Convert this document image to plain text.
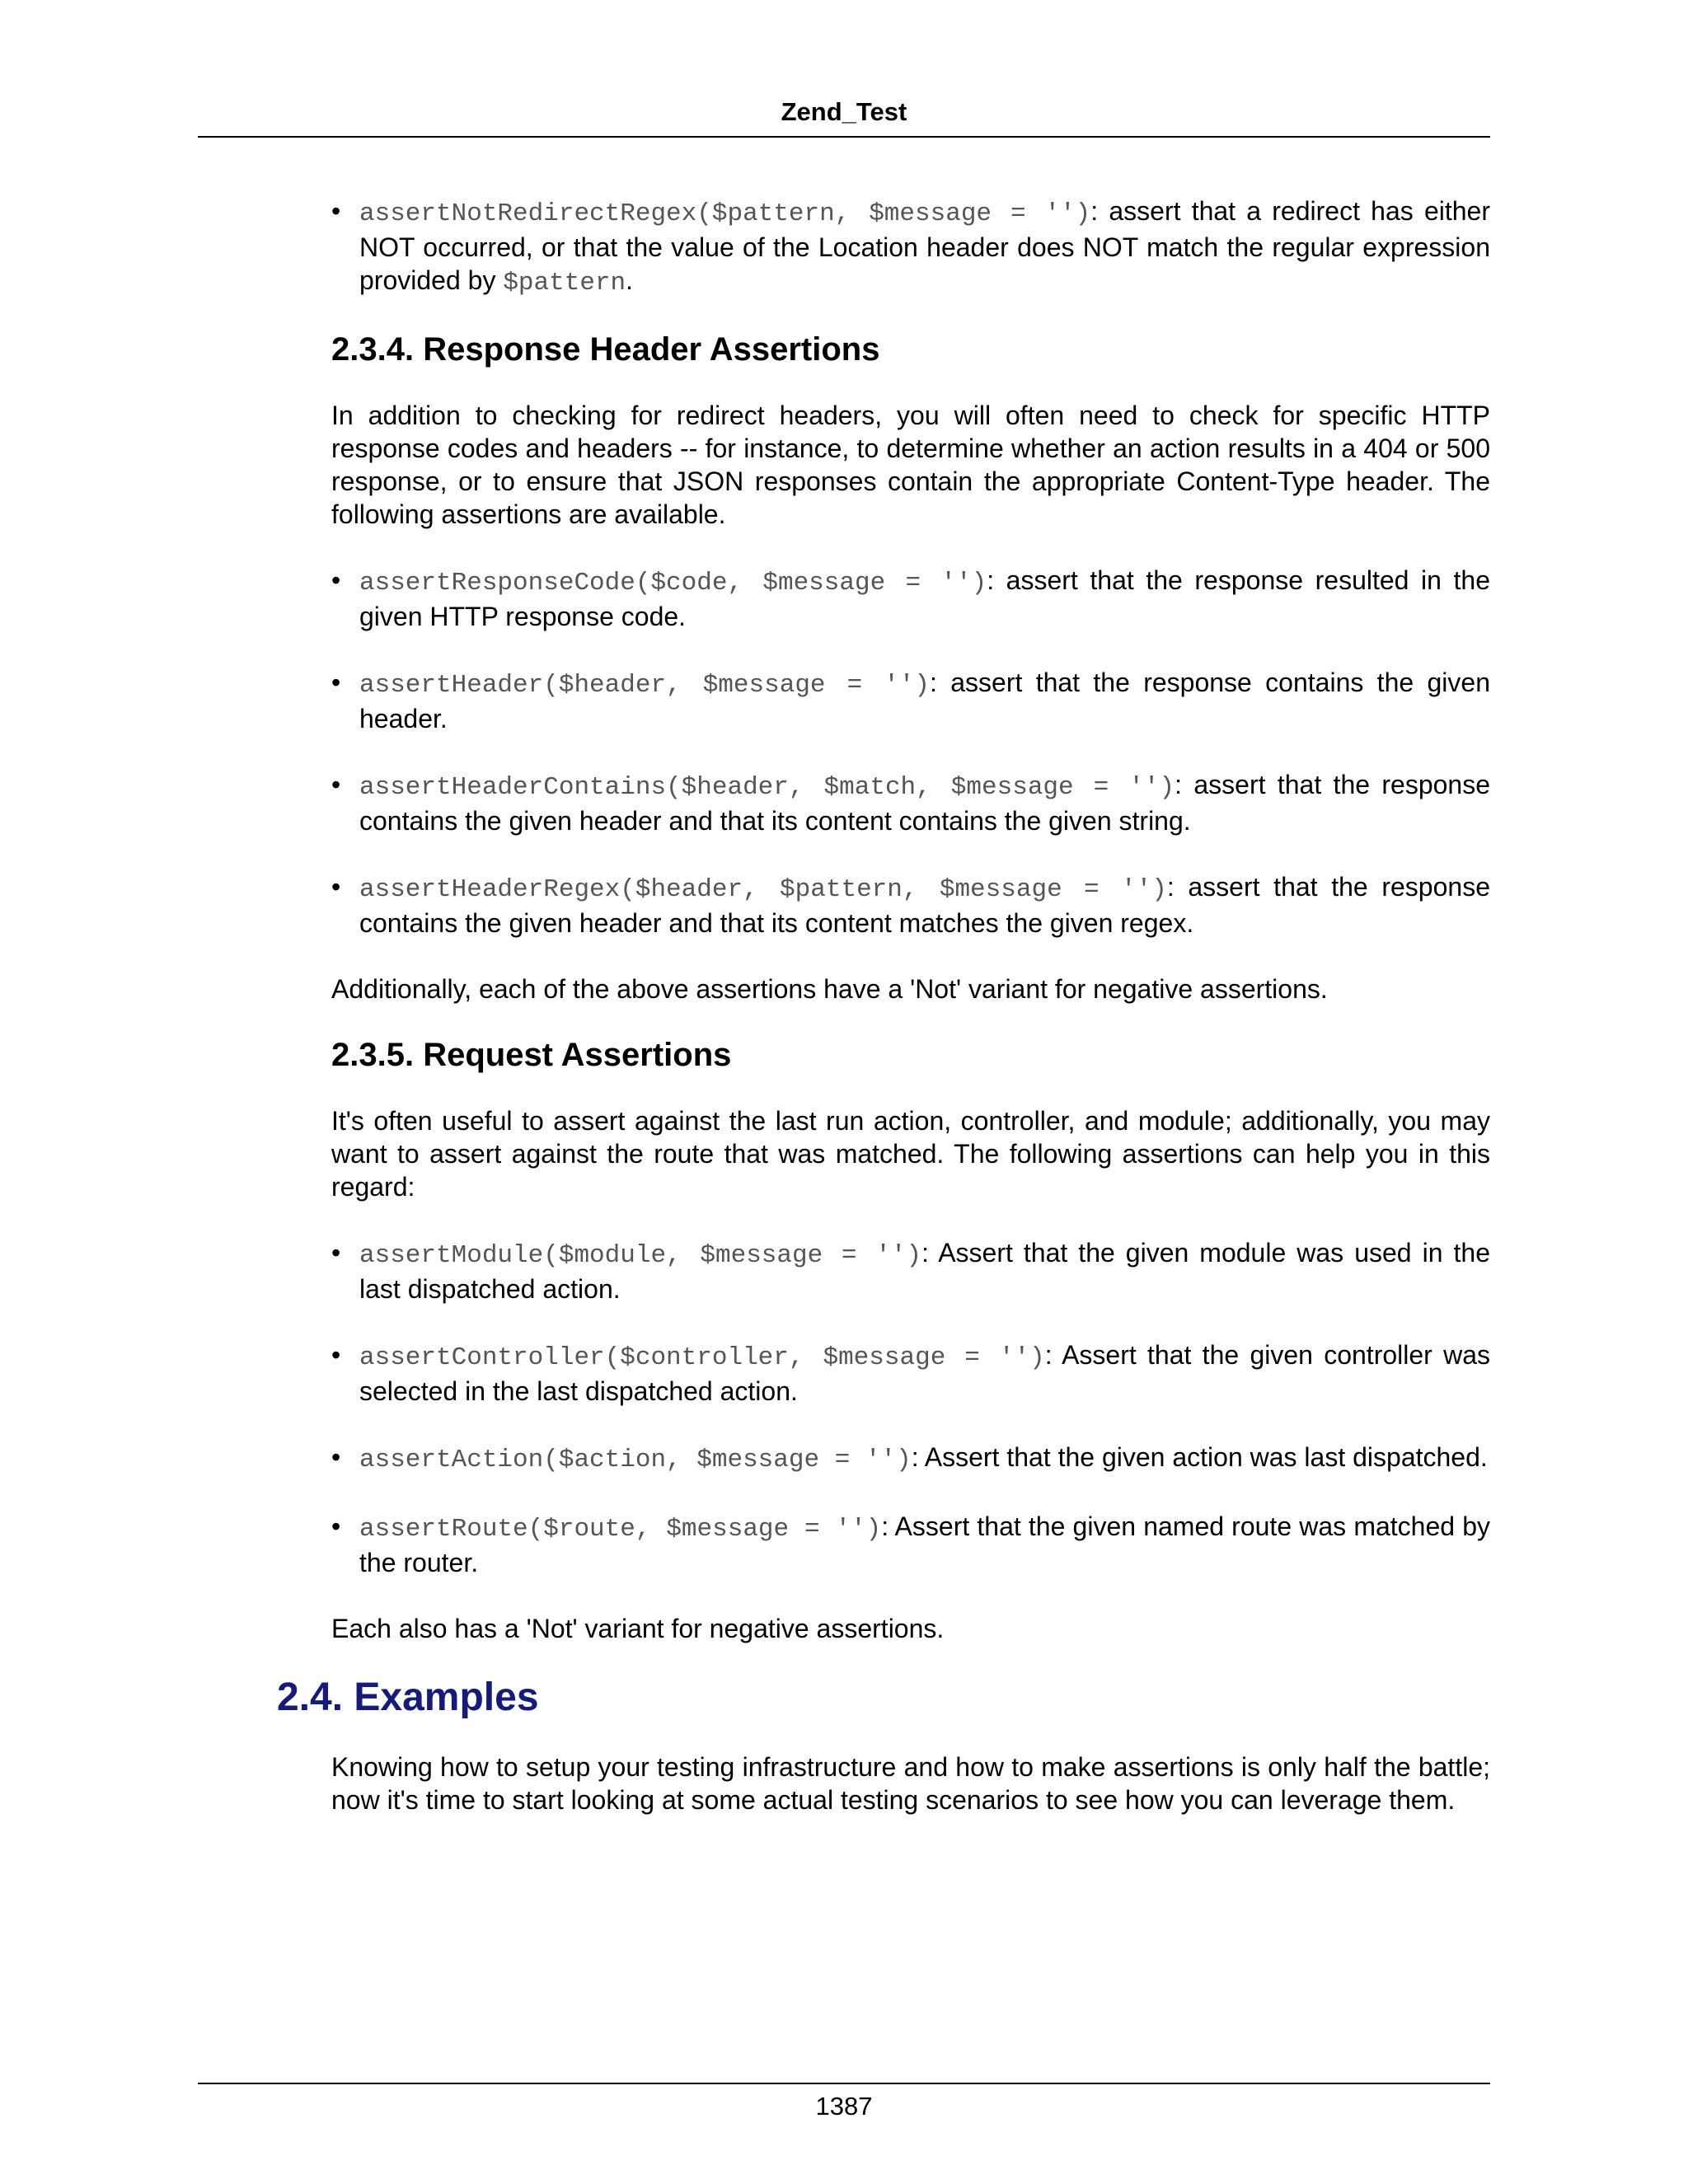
Zend_Test
• assertNotRedirectRegex($pattern, $message = ''): assert that a redirect has either NOT occurred, or that the value of the Location header does NOT match the regular expression provided by $pattern.
2.3.4. Response Header Assertions
In addition to checking for redirect headers, you will often need to check for specific HTTP response codes and headers -- for instance, to determine whether an action results in a 404 or 500 response, or to ensure that JSON responses contain the appropriate Content-Type header. The following assertions are available.
• assertResponseCode($code, $message = ''): assert that the response resulted in the given HTTP response code.
• assertHeader($header, $message = ''): assert that the response contains the given header.
• assertHeaderContains($header, $match, $message = ''): assert that the response contains the given header and that its content contains the given string.
• assertHeaderRegex($header, $pattern, $message = ''): assert that the response contains the given header and that its content matches the given regex.
Additionally, each of the above assertions have a 'Not' variant for negative assertions.
2.3.5. Request Assertions
It's often useful to assert against the last run action, controller, and module; additionally, you may want to assert against the route that was matched. The following assertions can help you in this regard:
• assertModule($module, $message = ''): Assert that the given module was used in the last dispatched action.
• assertController($controller, $message = ''): Assert that the given controller was selected in the last dispatched action.
• assertAction($action, $message = ''): Assert that the given action was last dispatched.
• assertRoute($route, $message = ''): Assert that the given named route was matched by the router.
Each also has a 'Not' variant for negative assertions.
2.4. Examples
Knowing how to setup your testing infrastructure and how to make assertions is only half the battle; now it's time to start looking at some actual testing scenarios to see how you can leverage them.
1387
